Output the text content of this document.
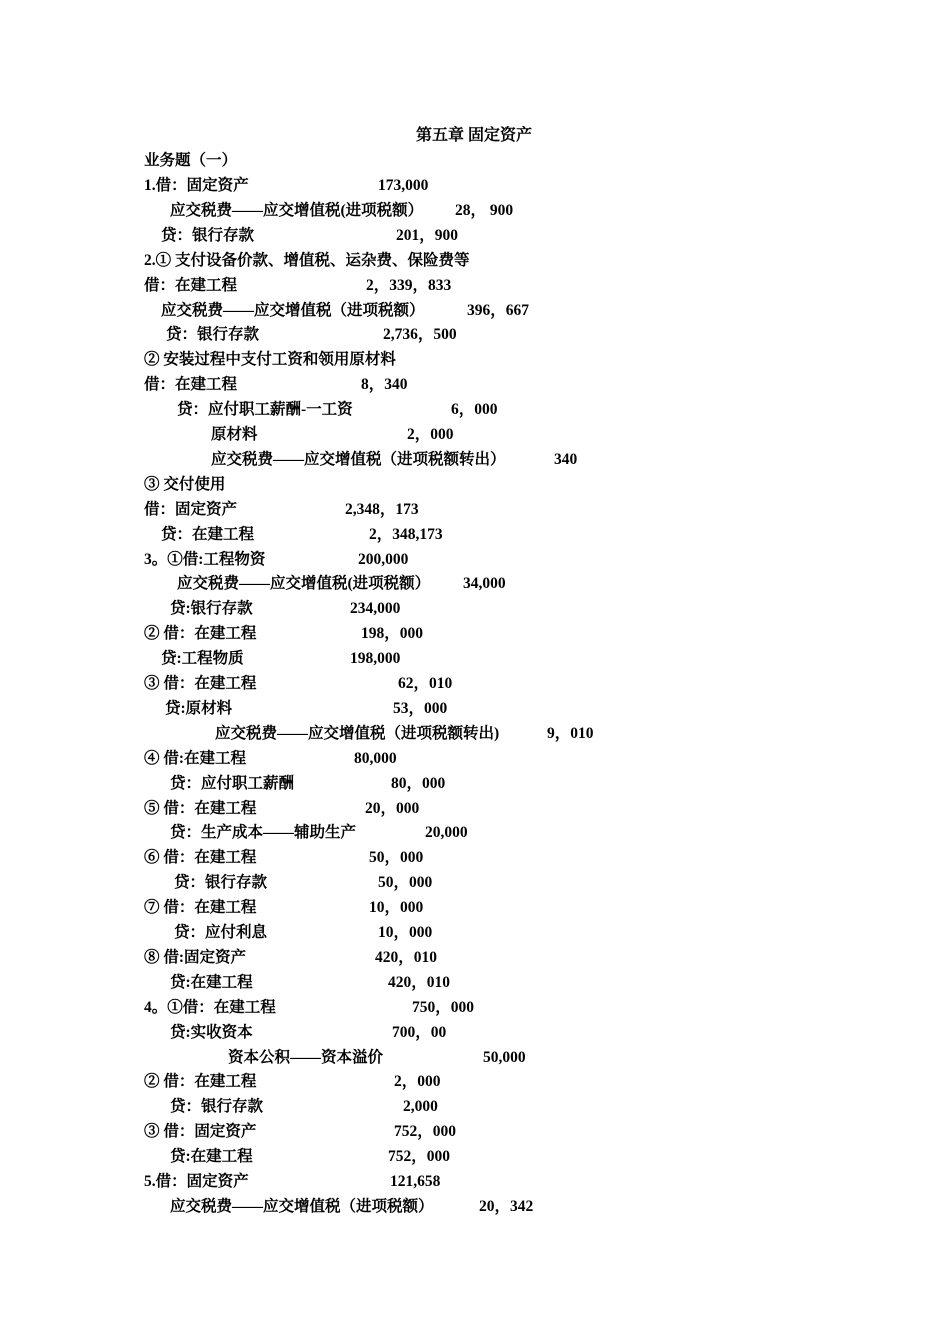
第五章 固定资产
业务题（一）
1.借：固定资产	173,000
应交税费——应交增值税(进项税额） 28， 900
贷：银行存款	201，900
2.① 支付设备价款、增值税、运杂费、保险费等
借：在建工程	2，339，833
应交税费——应交增值税（进项税额）	396，667
贷：银行存款	2,736，500
② 安装过程中支付工资和领用原材料
借：在建工程	8，340
贷：应付职工薪酬-一工资	6，000
原材料	2，000
应交税费——应交增值税（进项税额转出）	340
③ 交付使用
借：固定资产	2,348，173
贷：在建工程	2，348,173
3。①借:工程物资	200,000
应交税费——应交增值税(进项税额） 34,000
贷:银行存款	234,000
② 借：在建工程	198，000
贷:工程物质	198,000
③ 借：在建工程	62，010
贷:原材料	53，000
应交税费——应交增值税（进项税额转出)	9，010
④ 借:在建工程	80,000
贷：应付职工薪酬	80，000
⑤ 借：在建工程	20，000
贷：生产成本——辅助生产	20,000
⑥ 借：在建工程	50，000
贷：银行存款	50，000
⑦ 借：在建工程	10，000
贷：应付利息	10，000
⑧ 借:固定资产	420，010
贷:在建工程	420，010
4。①借：在建工程	750，000
贷:实收资本	700，00
资本公积——资本溢价	50,000
② 借：在建工程	2，000
贷：银行存款	2,000
③ 借：固定资产	752，000
贷:在建工程	752，000
5.借：固定资产	121,658
应交税费——应交增值税（进项税额）	20，342
